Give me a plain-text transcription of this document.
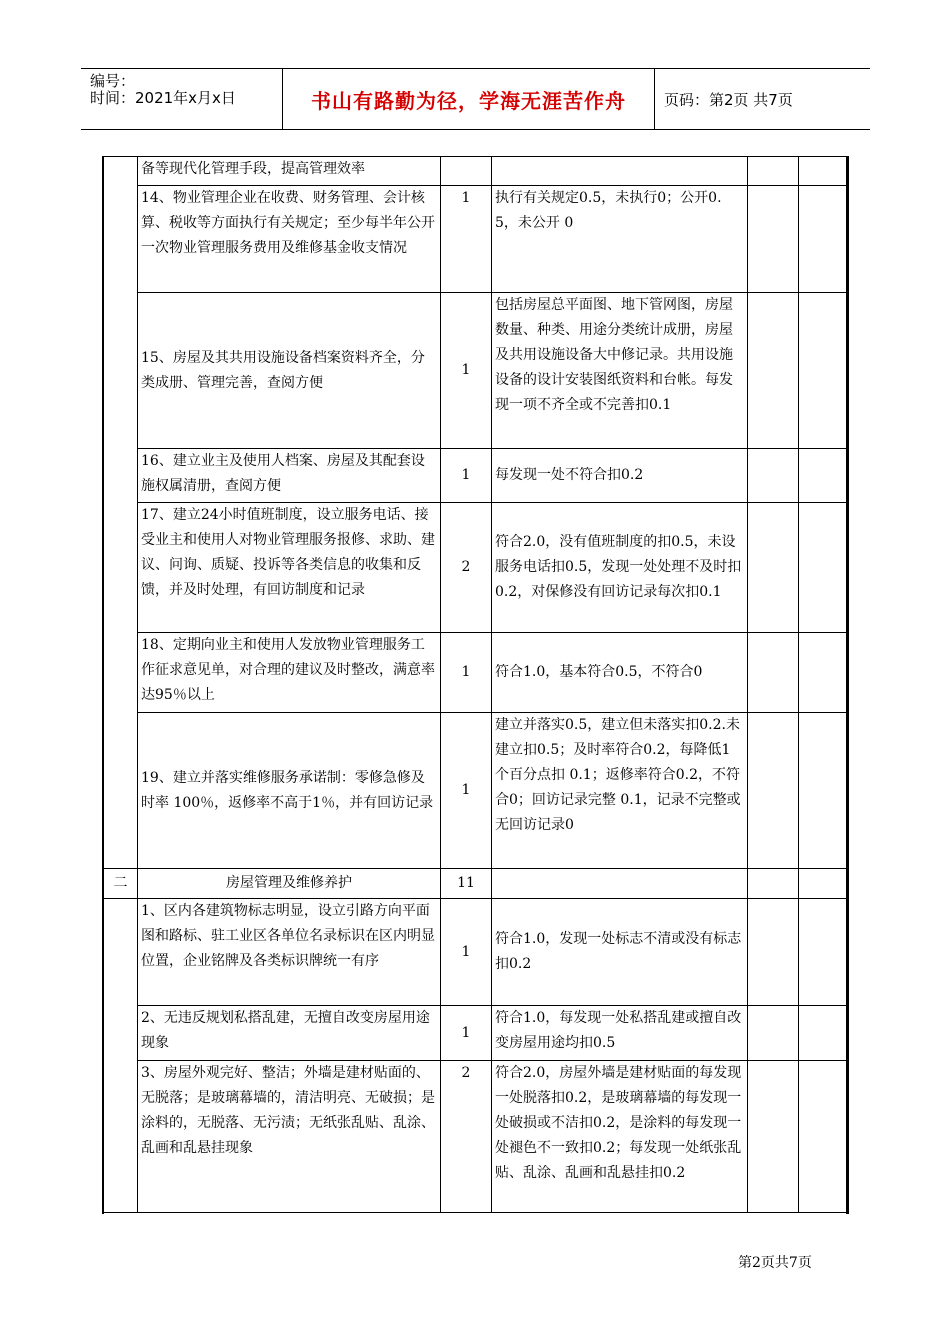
编号：
时间：2021年x月x日	书山有路勤为径，学海无涯苦作舟	页码：第2页 共7页
	备等现代化管理手段，提高管理效率				
	14、物业管理企业在收费、财务管理、会计核算、税收等方面执行有关规定；至少每半年公开一次物业管理服务费用及维修基金收支情况	1	执行有关规定0.5，未执行0；公开0.5，未公开 0		
	15、房屋及其共用设施设备档案资料齐全，分类成册、管理完善，查阅方便	1	包括房屋总平面图、地下管网图，房屋数量、种类、用途分类统计成册，房屋及共用设施设备大中修记录。共用设施设备的设计安装图纸资料和台帐。每发现一项不齐全或不完善扣0.1		
	16、建立业主及使用人档案、房屋及其配套设施权属清册，查阅方便	1	每发现一处不符合扣0.2		
	17、建立24小时值班制度，设立服务电话、接受业主和使用人对物业管理服务报修、求助、建议、问询、质疑、投诉等各类信息的收集和反馈，并及时处理，有回访制度和记录	2	符合2.0，没有值班制度的扣0.5，未设服务电话扣0.5，发现一处处理不及时扣0.2，对保修没有回访记录每次扣0.1		
	18、定期向业主和使用人发放物业管理服务工作征求意见单，对合理的建议及时整改，满意率达95％以上	1	符合1.0，基本符合0.5，不符合0		
	19、建立并落实维修服务承诺制：零修急修及时率 100％，返修率不高于1％，并有回访记录	1	建立并落实0.5，建立但未落实扣0.2.未建立扣0.5；及时率符合0.2，每降低1个百分点扣 0.1；返修率符合0.2，不符合0；回访记录完整 0.1，记录不完整或无回访记录0		
二	房屋管理及维修养护	11			
	1、区内各建筑物标志明显，设立引路方向平面图和路标、驻工业区各单位名录标识在区内明显位置，企业铭牌及各类标识牌统一有序	1	符合1.0，发现一处标志不清或没有标志扣0.2		
	2、无违反规划私搭乱建，无擅自改变房屋用途现象	1	符合1.0，每发现一处私搭乱建或擅自改变房屋用途均扣0.5		
	3、房屋外观完好、整洁；外墙是建材贴面的、无脱落；是玻璃幕墙的，清洁明亮、无破损；是涂料的，无脱落、无污渍；无纸张乱贴、乱涂、乱画和乱悬挂现象	2	符合2.0，房屋外墙是建材贴面的每发现一处脱落扣0.2，是玻璃幕墙的每发现一处破损或不洁扣0.2，是涂料的每发现一处褪色不一致扣0.2；每发现一处纸张乱贴、乱涂、乱画和乱悬挂扣0.2		
第2页共7页
